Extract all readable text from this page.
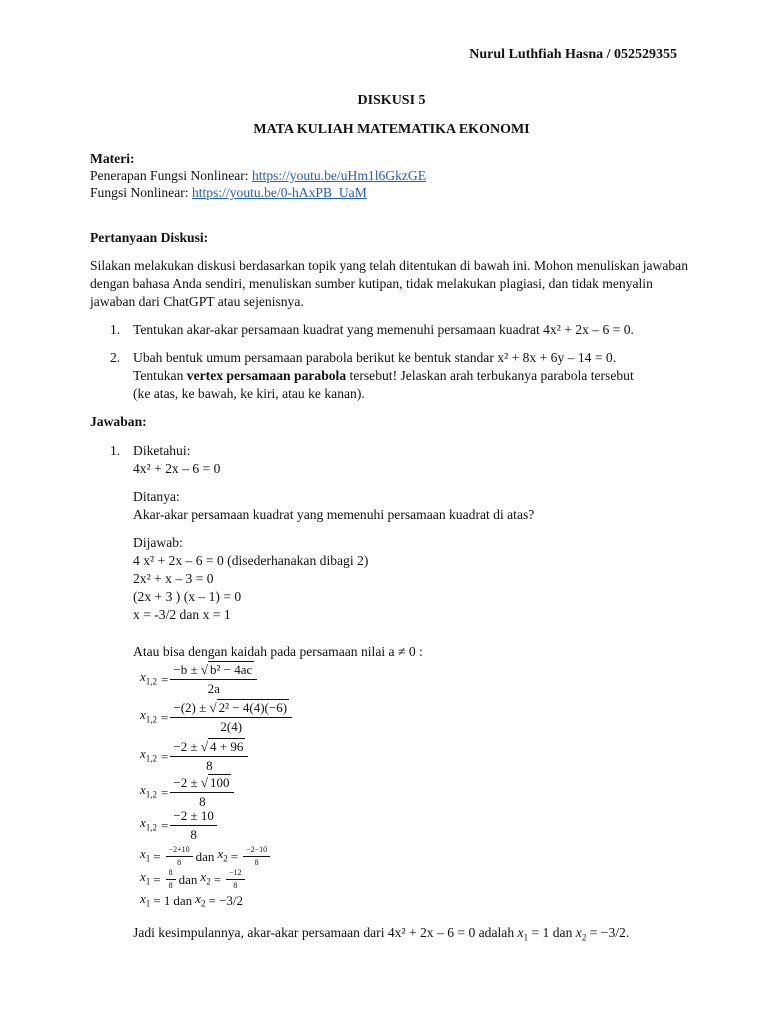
Nurul Luthfiah Hasna / 052529355
DISKUSI 5
MATA KULIAH MATEMATIKA EKONOMI
Materi:
Penerapan Fungsi Nonlinear: https://youtu.be/uHm1l6GkzGE
Fungsi Nonlinear: https://youtu.be/0-hAxPB_UaM
Pertanyaan Diskusi:
Silakan melakukan diskusi berdasarkan topik yang telah ditentukan di bawah ini. Mohon menuliskan jawaban dengan bahasa Anda sendiri, menuliskan sumber kutipan, tidak melakukan plagiasi, dan tidak menyalin jawaban dari ChatGPT atau sejenisnya.
1. Tentukan akar-akar persamaan kuadrat yang memenuhi persamaan kuadrat 4x² + 2x – 6 = 0.
2. Ubah bentuk umum persamaan parabola berikut ke bentuk standar x² + 8x + 6y – 14 = 0.
Tentukan vertex persamaan parabola tersebut! Jelaskan arah terbukanya parabola tersebut
(ke atas, ke bawah, ke kiri, atau ke kanan).
Jawaban:
1. Diketahui:
4x² + 2x – 6 = 0
Ditanya:
Akar-akar persamaan kuadrat yang memenuhi persamaan kuadrat di atas?
Dijawab:
4 x² + 2x – 6 = 0 (disederhanakan dibagi 2)
2x² + x – 3 = 0
(2x + 3 ) (x – 1) = 0
x = -3/2 dan x = 1
Atau bisa dengan kaidah pada persamaan nilai a ≠ 0 :
$x_{1,2} = \frac{\text{−b ± √ b² − 4ac}}{2a}$
$x_{1,2} = \frac{\text{−(2) ± √ 2² − 4(4)(−6)}}{2(4)}$
$x_{1,2} = \frac{-2 \pm √ 4 + 96}{8}$
$x_{1,2} = \frac{-2 \pm √ 100}{8}$
$x_{1,2} = \frac{-2 \pm 10}{8}$
$x_1 = \frac{-2+10}{8}$ dan $x_2 = \frac{-2-10}{8}$
$x_1 = \frac{8}{8}$ dan $x_2 = \frac{-12}{8}$
$x_1 = 1$ dan $x_2 = -3/2$
Jadi kesimpulannya, akar-akar persamaan dari 4x² + 2x – 6 = 0 adalah $x_1 = 1$ dan $x_2 = -3/2$.
